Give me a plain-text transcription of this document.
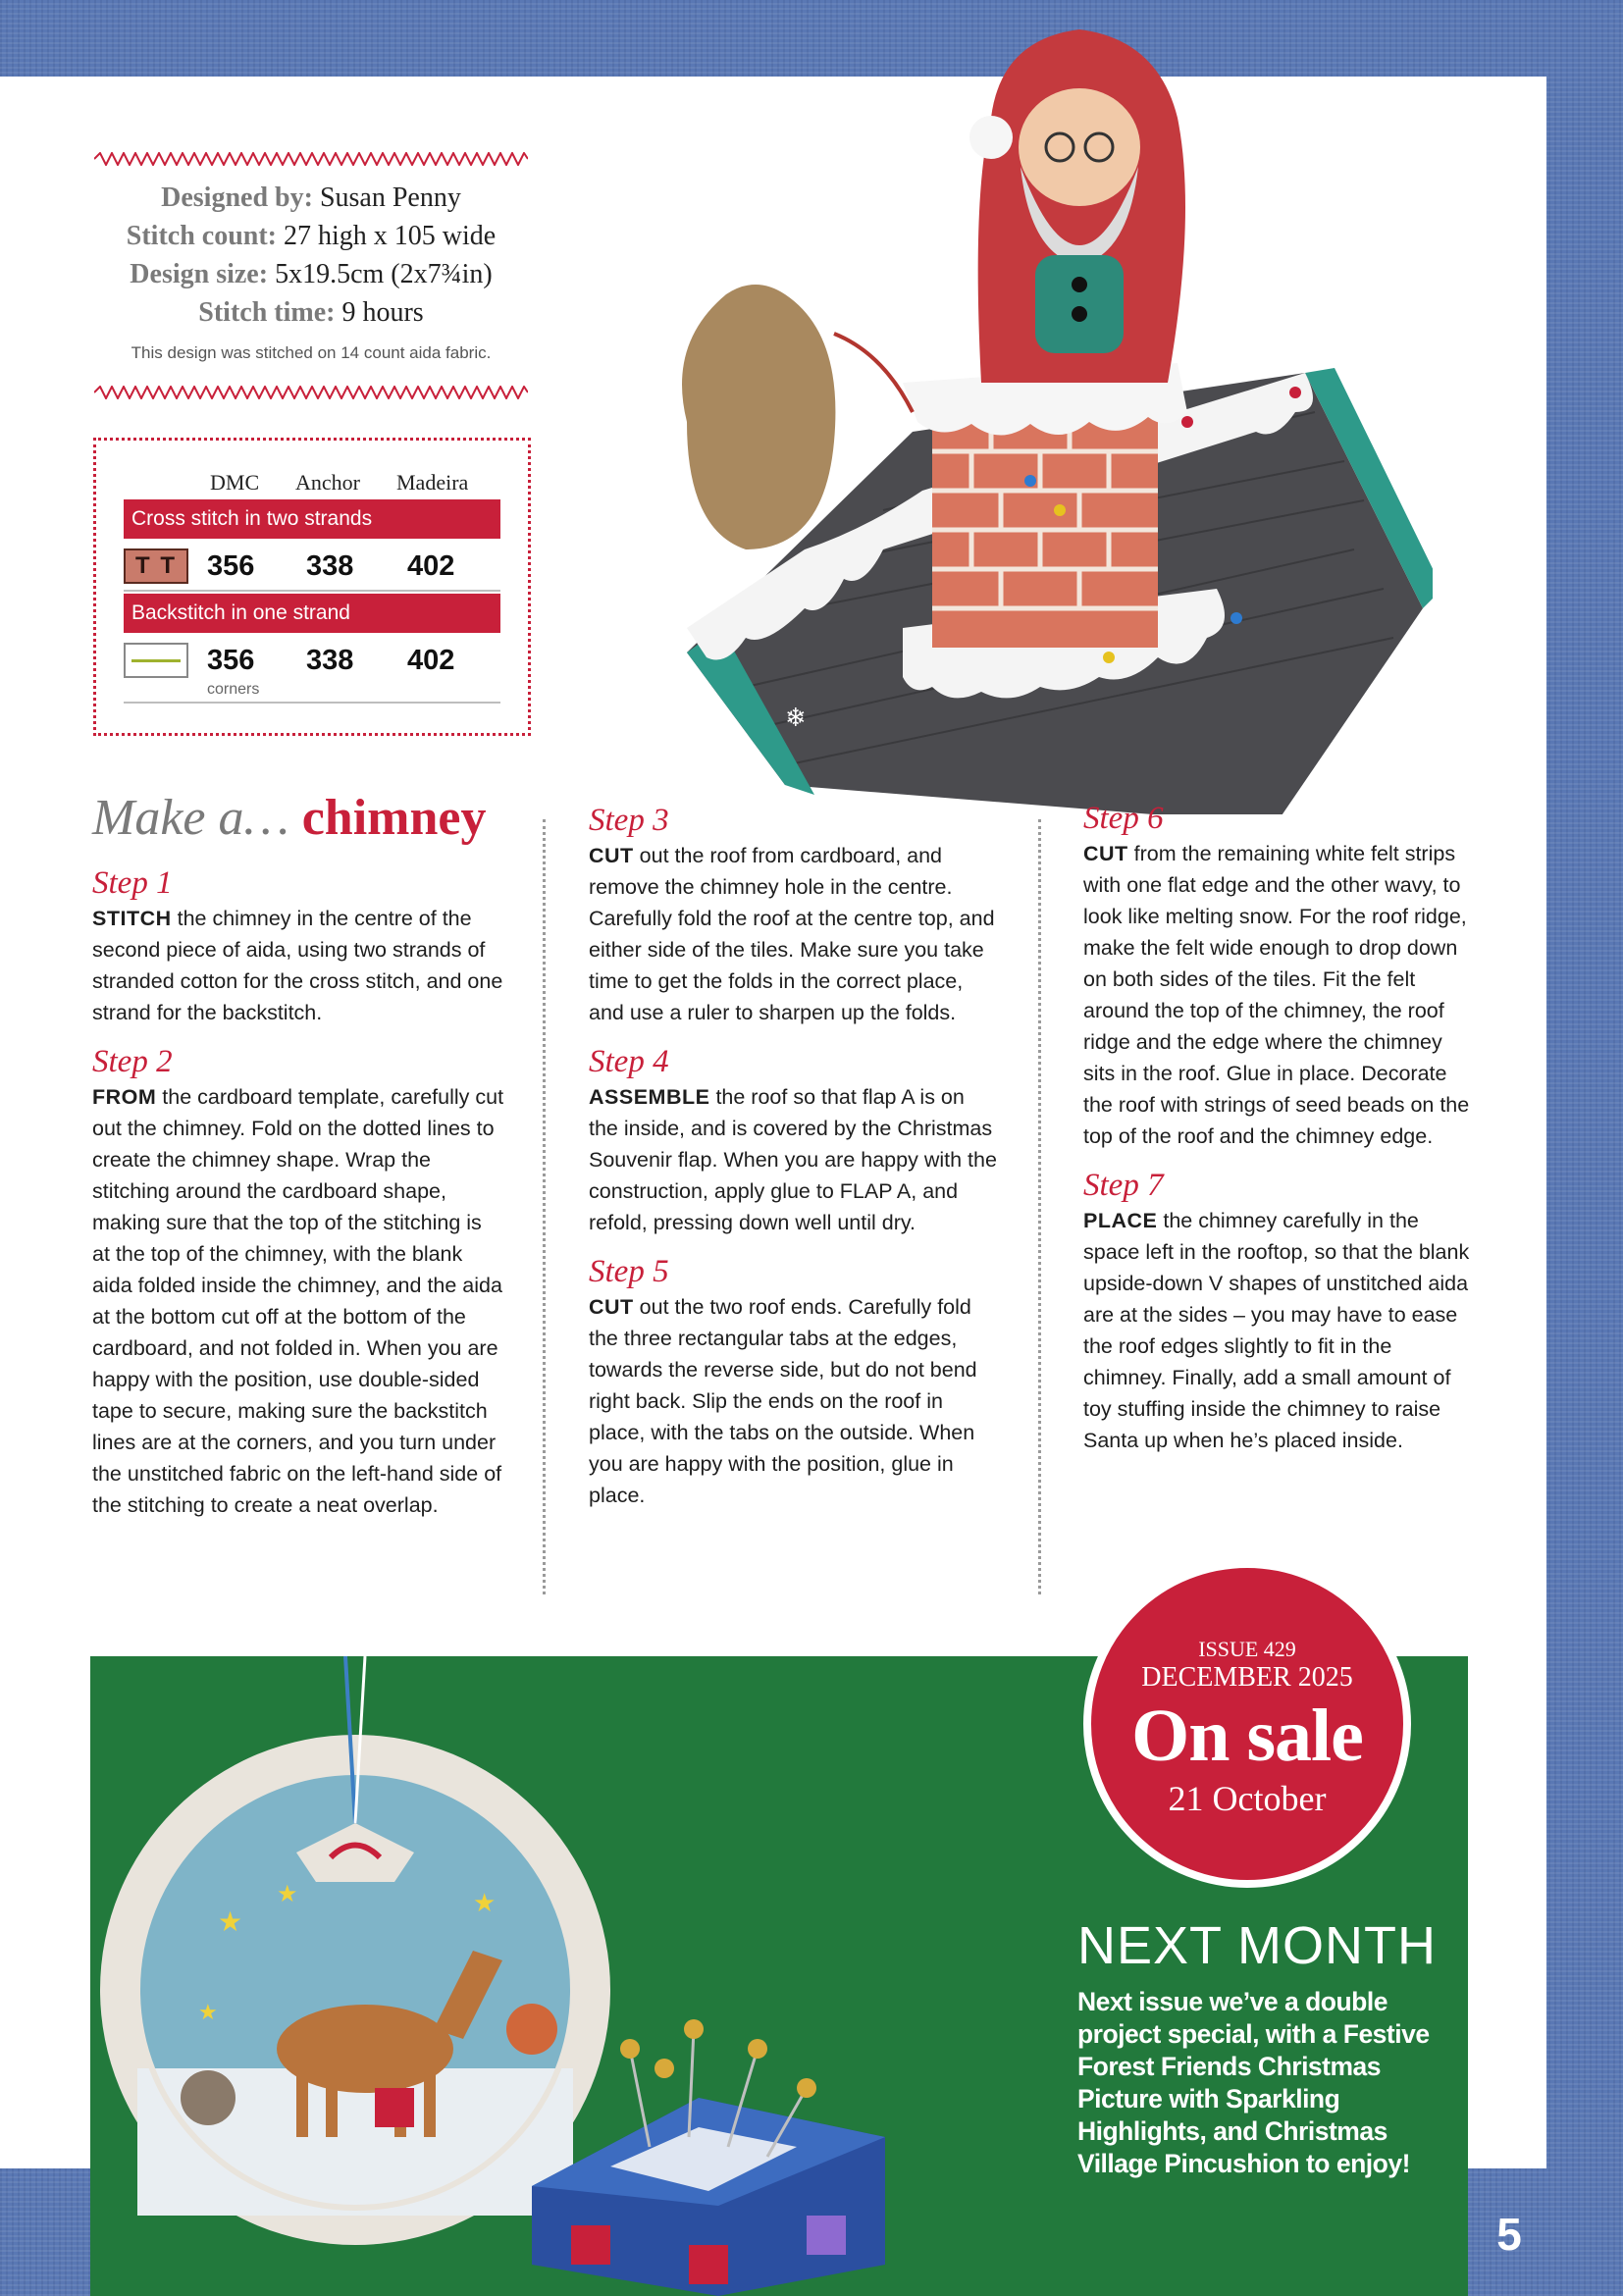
❄
Designed by: Susan Penny
Stitch count: 27 high x 105 wide
Design size: 5x19.5cm (2x7¾in)
Stitch time: 9 hours
This design was stitched on 14 count aida fabric.
DMC Anchor Madeira
Cross stitch in two strands
T T	356 338 402
Backstitch in one strand
356 338 402
corners
Make a… chimney

Step 1

STITCH the chimney in the centre of the second piece of aida, using two strands of stranded cotton for the cross stitch, and one strand for the backstitch.

Step 2

FROM the cardboard template, carefully cut out the chimney. Fold on the dotted lines to create the chimney shape. Wrap the stitching around the cardboard shape, making sure that the top of the stitching is at the top of the chimney, with the blank aida folded inside the chimney, and the aida at the bottom cut off at the bottom of the cardboard, and not folded in. When you are happy with the position, use double-sided tape to secure, making sure the backstitch lines are at the corners, and you turn under the unstitched fabric on the left-hand side of the stitching to create a neat overlap.

Step 3

CUT out the roof from cardboard, and remove the chimney hole in the centre. Carefully fold the roof at the centre top, and either side of the tiles. Make sure you take time to get the folds in the correct place, and use a ruler to sharpen up the folds.

Step 4

ASSEMBLE the roof so that flap A is on the inside, and is covered by the Christmas Souvenir flap. When you are happy with the construction, apply glue to FLAP A, and refold, pressing down well until dry.

Step 5

CUT out the two roof ends. Carefully fold the three rectangular tabs at the edges, towards the reverse side, but do not bend right back. Slip the ends on the roof in place, with the tabs on the outside. When you are happy with the position, glue in place.

Step 6

CUT from the remaining white felt strips with one flat edge and the other wavy, to look like melting snow. For the roof ridge, make the felt wide enough to drop down on both sides of the tiles. Fit the felt around the top of the chimney, the roof ridge and the edge where the chimney sits in the roof. Glue in place. Decorate the roof with strings of seed beads on the top of the roof and the chimney edge.

Step 7

PLACE the chimney carefully in the space left in the rooftop, so that the blank upside-down V shapes of unstitched aida are at the sides – you may have to ease the roof edges slightly to fit in the chimney. Finally, add a small amount of toy stuffing inside the chimney to raise Santa up when he’s placed inside.

★
★	★
★
ISSUE 429
DECEMBER 2025
On sale
21 October
NEXT MONTH
Next issue we’ve a double project special, with a Festive Forest Friends Christmas Picture with Sparkling Highlights, and Christmas Village Pincushion to enjoy!
5
